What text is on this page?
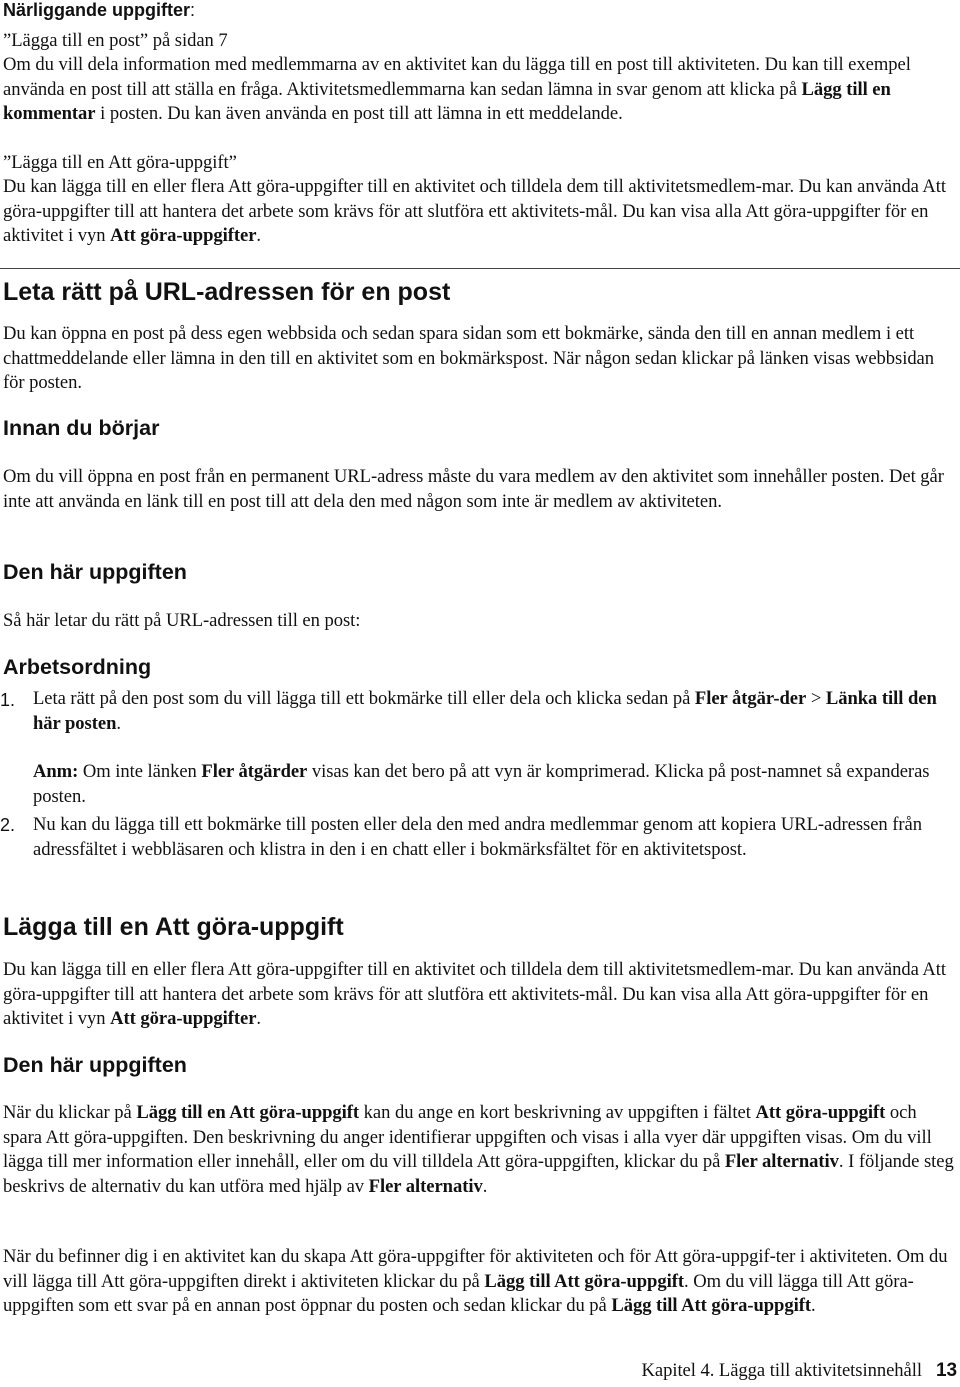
Närliggande uppgifter:

”Lägga till en post” på sidan 7

Om du vill dela information med medlemmarna av en aktivitet kan du lägga till en post till aktiviteten. Du kan till exempel använda en post till att ställa en fråga. Aktivitetsmedlemmarna kan sedan lämna in svar genom att klicka på Lägg till en kommentar i posten. Du kan även använda en post till att lämna in ett meddelande.

”Lägga till en Att göra-uppgift”

Du kan lägga till en eller flera Att göra-uppgifter till en aktivitet och tilldela dem till aktivitetsmedlem-mar. Du kan använda Att göra-uppgifter till att hantera det arbete som krävs för att slutföra ett aktivitets-mål. Du kan visa alla Att göra-uppgifter för en aktivitet i vyn Att göra-uppgifter.

Leta rätt på URL-adressen för en post

Du kan öppna en post på dess egen webbsida och sedan spara sidan som ett bokmärke, sända den till en annan medlem i ett chattmeddelande eller lämna in den till en aktivitet som en bokmärkspost. När någon sedan klickar på länken visas webbsidan för posten.

Innan du börjar

Om du vill öppna en post från en permanent URL-adress måste du vara medlem av den aktivitet som innehåller posten. Det går inte att använda en länk till en post till att dela den med någon som inte är medlem av aktiviteten.

Den här uppgiften

Så här letar du rätt på URL-adressen till en post:

Arbetsordning
1. Leta rätt på den post som du vill lägga till ett bokmärke till eller dela och klicka sedan på Fler åtgär-der > Länka till den här posten.

Anm: Om inte länken Fler åtgärder visas kan det bero på att vyn är komprimerad. Klicka på post-namnet så expanderas posten.

2. Nu kan du lägga till ett bokmärke till posten eller dela den med andra medlemmar genom att kopiera URL-adressen från adressfältet i webbläsaren och klistra in den i en chatt eller i bokmärksfältet för en aktivitetspost.

Lägga till en Att göra-uppgift

Du kan lägga till en eller flera Att göra-uppgifter till en aktivitet och tilldela dem till aktivitetsmedlem-mar. Du kan använda Att göra-uppgifter till att hantera det arbete som krävs för att slutföra ett aktivitets-mål. Du kan visa alla Att göra-uppgifter för en aktivitet i vyn Att göra-uppgifter.

Den här uppgiften

När du klickar på Lägg till en Att göra-uppgift kan du ange en kort beskrivning av uppgiften i fältet Att göra-uppgift och spara Att göra-uppgiften. Den beskrivning du anger identifierar uppgiften och visas i alla vyer där uppgiften visas. Om du vill lägga till mer information eller innehåll, eller om du vill tilldela Att göra-uppgiften, klickar du på Fler alternativ. I följande steg beskrivs de alternativ du kan utföra med hjälp av Fler alternativ.

När du befinner dig i en aktivitet kan du skapa Att göra-uppgifter för aktiviteten och för Att göra-uppgif-ter i aktiviteten. Om du vill lägga till Att göra-uppgiften direkt i aktiviteten klickar du på Lägg till Att göra-uppgift. Om du vill lägga till Att göra-uppgiften som ett svar på en annan post öppnar du posten och sedan klickar du på Lägg till Att göra-uppgift.

Kapitel 4. Lägga till aktivitetsinnehåll 13
